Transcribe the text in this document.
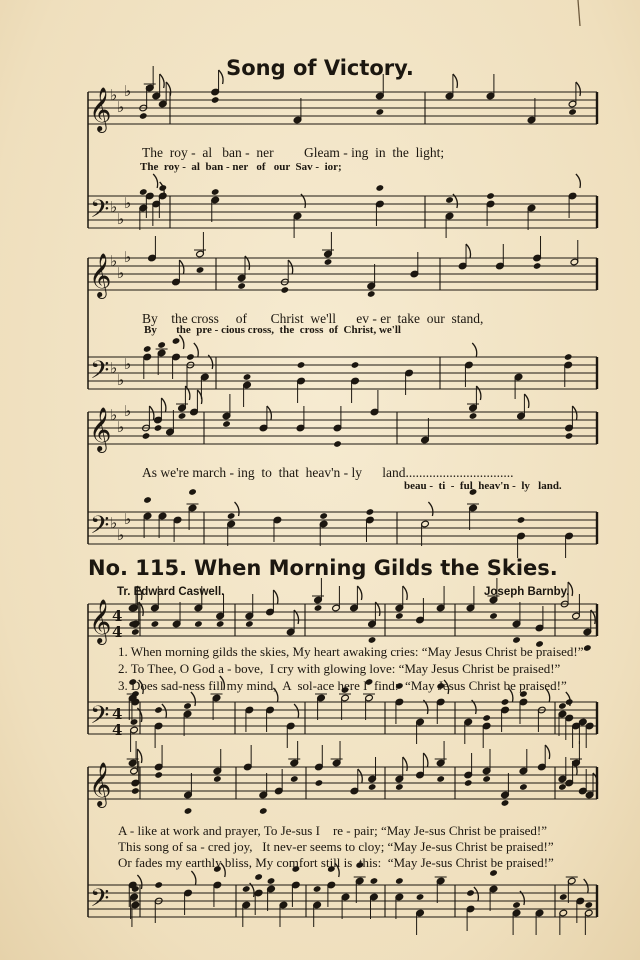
Song of Victory.
𝄞
𝄢
♭
♭
♭
♭
♭
♭
𝄞
𝄢
♭
♭
♭
♭
♭
♭
𝄞
𝄢
♭
♭
♭
♭
♭
♭
𝄞
𝄢
4
4
4
4
𝄞
𝄢
The  roy -  al   ban -  ner         Gleam - ing  in  the  light;
The  roy -  al  ban - ner   of   our  Sav -  ior;
By    the cross     of       Christ  we'll      ev - er  take  our  stand,
By       the  pre - cious cross,  the  cross  of  Christ, we'll
As we're march - ing  to  that  heav'n - ly      land................................
beau -  ti  -  ful  heav'n -  ly   land.
No. 115. When Morning Gilds the Skies.
Tr. Edward Caswell.	Joseph Barnby.
1. When morning gilds the skies, My heart awaking cries: “May Jesus Christ be praised!”
2. To Thee, O God a - bove,  I cry with glowing love: “May Jesus Christ be praised!”
3. Does sad-ness fill my mind,  A  sol-ace here I  find:  “May Jesus Christ be praised!”
A - like at work and prayer, To Je-sus I    re - pair; “May Je-sus Christ be praised!”
This song of sa - cred joy,   It nev-er seems to cloy; “May Je-sus Christ be praised!”
Or fades my earthly bliss, My comfort still is  this:  “May Je-sus Christ be praised!”
